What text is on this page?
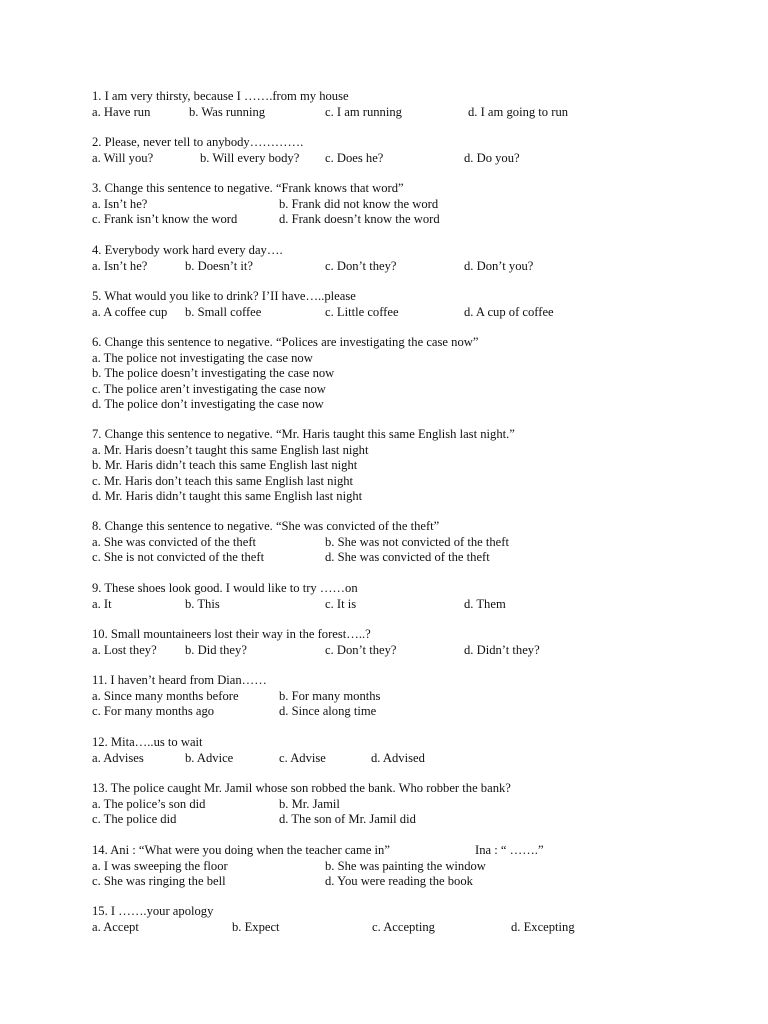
1. I am very thirsty, because I …….from my house
a. Have run	b. Was running	c. I am running	d. I am going to run
2. Please, never tell to anybody………….
a. Will you?	b. Will every body? c. Does he?	d. Do you?
3. Change this sentence to negative. “Frank knows that word”
a. Isn’t he?	b. Frank did not know the word
c. Frank isn’t know the word	d. Frank doesn’t know the word
4. Everybody work hard every day….
a. Isn’t he?	b. Doesn’t it?	c. Don’t they?	d. Don’t you?
5. What would you like to drink? I’II have…..please
a. A coffee cup b. Small coffee	c. Little coffee	d. A cup of coffee
6. Change this sentence to negative. “Polices are investigating the case now”
a. The police not investigating the case now
b. The police doesn’t investigating the case now
c. The police aren’t investigating the case now
d. The police don’t investigating the case now
7. Change this sentence to negative. “Mr. Haris taught this same English last night.”
a. Mr. Haris doesn’t taught this same English last night
b. Mr. Haris didn’t teach this same English last night
c. Mr. Haris don’t teach this same English last night
d. Mr. Haris didn’t taught this same English last night
8. Change this sentence to negative. “She was convicted of the theft”
a. She was convicted of the theft	b. She was not convicted of the theft
c. She is not convicted of the theft	d. She was convicted of the theft
9. These shoes look good. I would like to try ……on
a. It	b. This	c. It is	d. Them
10. Small mountaineers lost their way in the forest…..?
a. Lost they? b. Did they?	c. Don’t they?	d. Didn’t they?
11. I haven’t heard from Dian……
a. Since many months before	b. For many months
c. For many months ago	d. Since along time
12. Mita…..us to wait
a. Advises	b. Advice	c. Advise	d. Advised
13. The police caught Mr. Jamil whose son robbed the bank. Who robber the bank?
a. The police’s son did	b. Mr. Jamil
c. The police did	d. The son of Mr. Jamil did
14. Ani : “What were you doing when the teacher came in”	Ina : “ …….”
a. I was sweeping the floor	b. She was painting the window
c. She was ringing the bell	d. You were reading the book
15. I …….your apology
a. Accept	b. Expect	c. Accepting	d. Excepting
